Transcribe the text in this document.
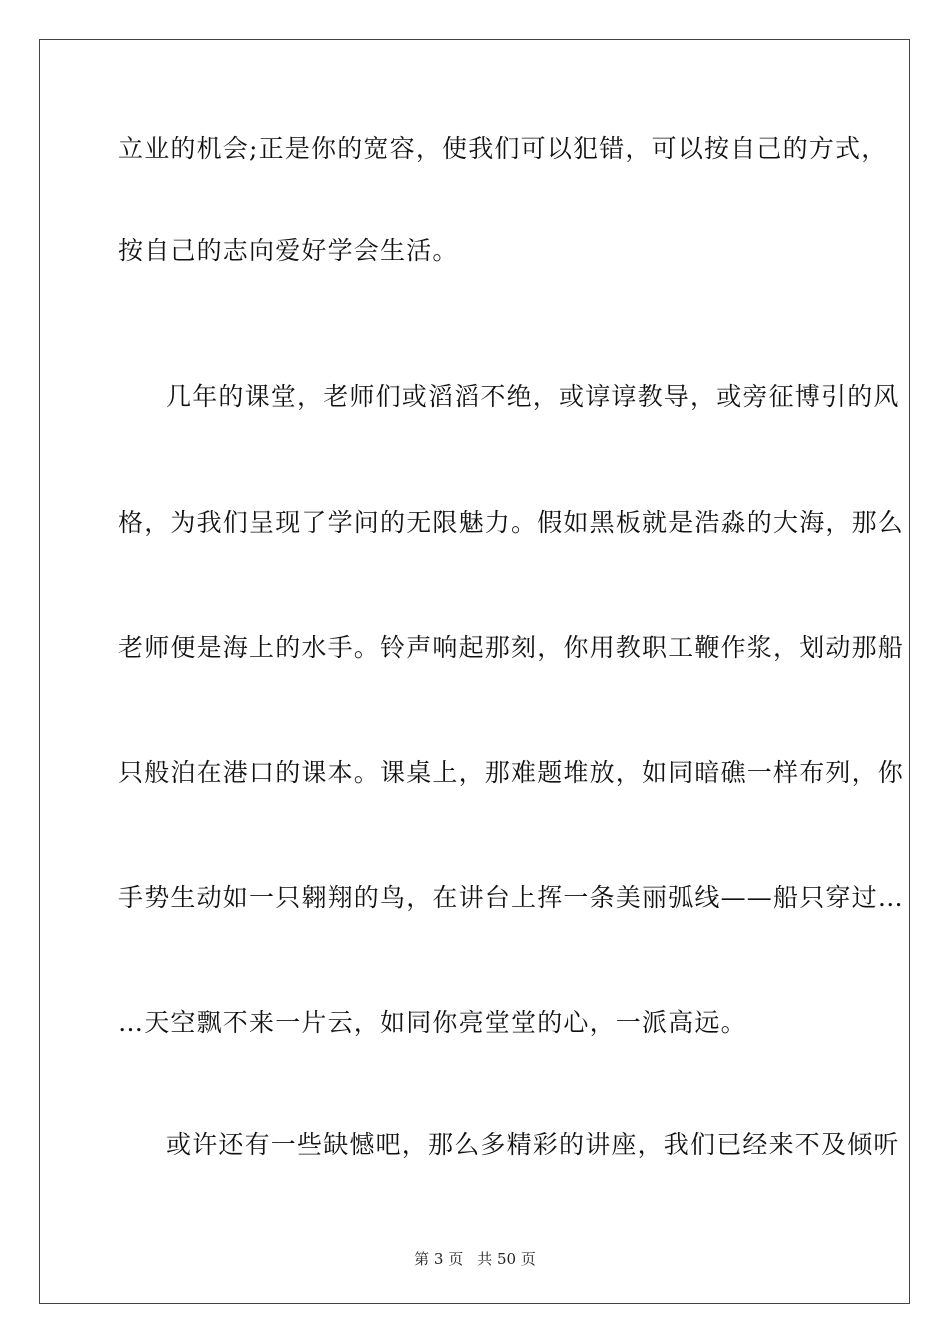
立业的机会;正是你的宽容，使我们可以犯错，可以按自己的方式，
按自己的志向爱好学会生活。
几年的课堂，老师们或滔滔不绝，或谆谆教导，或旁征博引的风
格，为我们呈现了学问的无限魅力。假如黑板就是浩淼的大海，那么
老师便是海上的水手。铃声响起那刻，你用教职工鞭作浆，划动那船
只般泊在港口的课本。课桌上，那难题堆放，如同暗礁一样布列，你
手势生动如一只翱翔的鸟，在讲台上挥一条美丽弧线——船只穿过…
…天空飘不来一片云，如同你亮堂堂的心，一派高远。
或许还有一些缺憾吧，那么多精彩的讲座，我们已经来不及倾听
第 3 页 共 50 页
